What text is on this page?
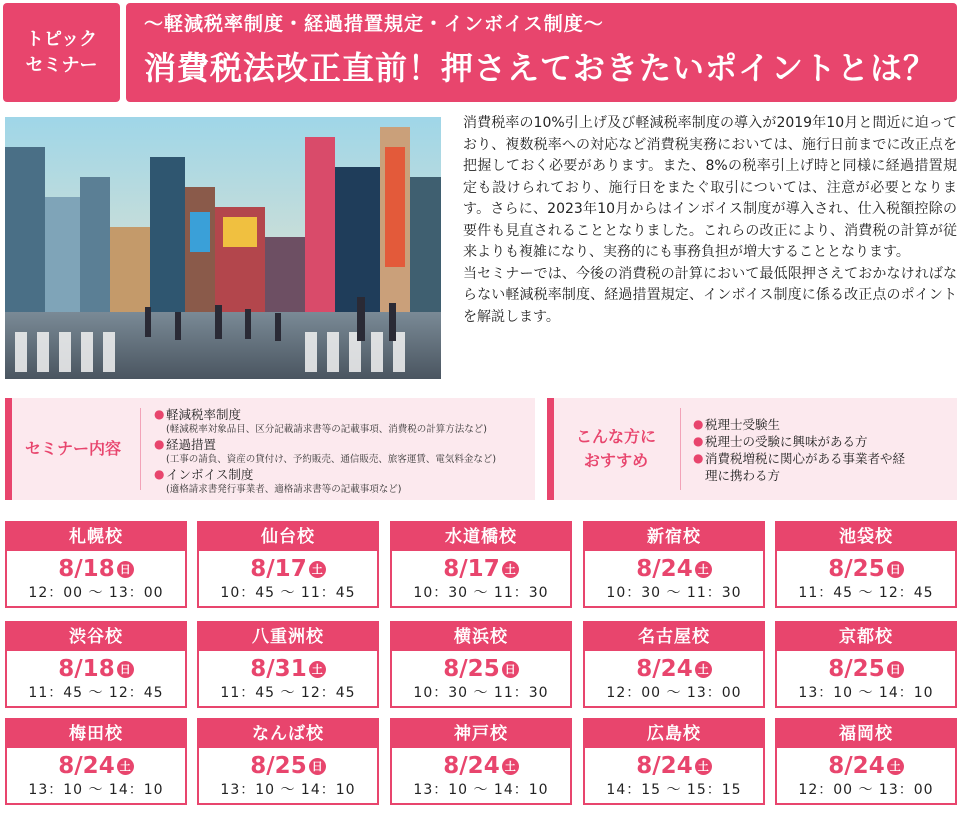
トピック
セミナー
〜軽減税率制度・経過措置規定・インボイス制度〜
消費税法改正直前！押さえておきたいポイントとは？

消費税率の10%引上げ及び軽減税率制度の導入が2019年10月と間近に迫っており、複数税率への対応など消費税実務においては、施行日前までに改正点を把握しておく必要があります。また、8%の税率引上げ時と同様に経過措置規定も設けられており、施行日をまたぐ取引については、注意が必要となります。さらに、2023年10月からはインボイス制度が導入され、仕入税額控除の要件も見直されることとなりました。これらの改正により、消費税の計算が従来よりも複雑になり、実務的にも事務負担が増大することとなります。

当セミナーでは、今後の消費税の計算において最低限押さえておかなければならない軽減税率制度、経過措置規定、インボイス制度に係る改正点のポイントを解説します。

セミナー内容
● 軽減税率制度
(軽減税率対象品目、区分記載請求書等の記載事項、消費税の計算方法など)
● 経過措置
(工事の請負、資産の貸付け、予約販売、通信販売、旅客運賃、電気料金など)
● インボイス制度
(適格請求書発行事業者、適格請求書等の記載事項など)
こんな方に
おすすめ
● 税理士受験生
● 税理士の受験に興味がある方
● 消費税増税に関心がある事業者や経理に携わる方
札幌校
8/18 日
12：00 〜 13：00
仙台校
8/17 土
10：45 〜 11：45
水道橋校
8/17 土
10：30 〜 11：30
新宿校
8/24 土
10：30 〜 11：30
池袋校
8/25 日
11：45 〜 12：45
渋谷校
8/18 日
11：45 〜 12：45
八重洲校
8/31 土
11：45 〜 12：45
横浜校
8/25 日
10：30 〜 11：30
名古屋校
8/24 土
12：00 〜 13：00
京都校
8/25 日
13：10 〜 14：10
梅田校
8/24 土
13：10 〜 14：10
なんば校
8/25 日
13：10 〜 14：10
神戸校
8/24 土
13：10 〜 14：10
広島校
8/24 土
14：15 〜 15：15
福岡校
8/24 土
12：00 〜 13：00
